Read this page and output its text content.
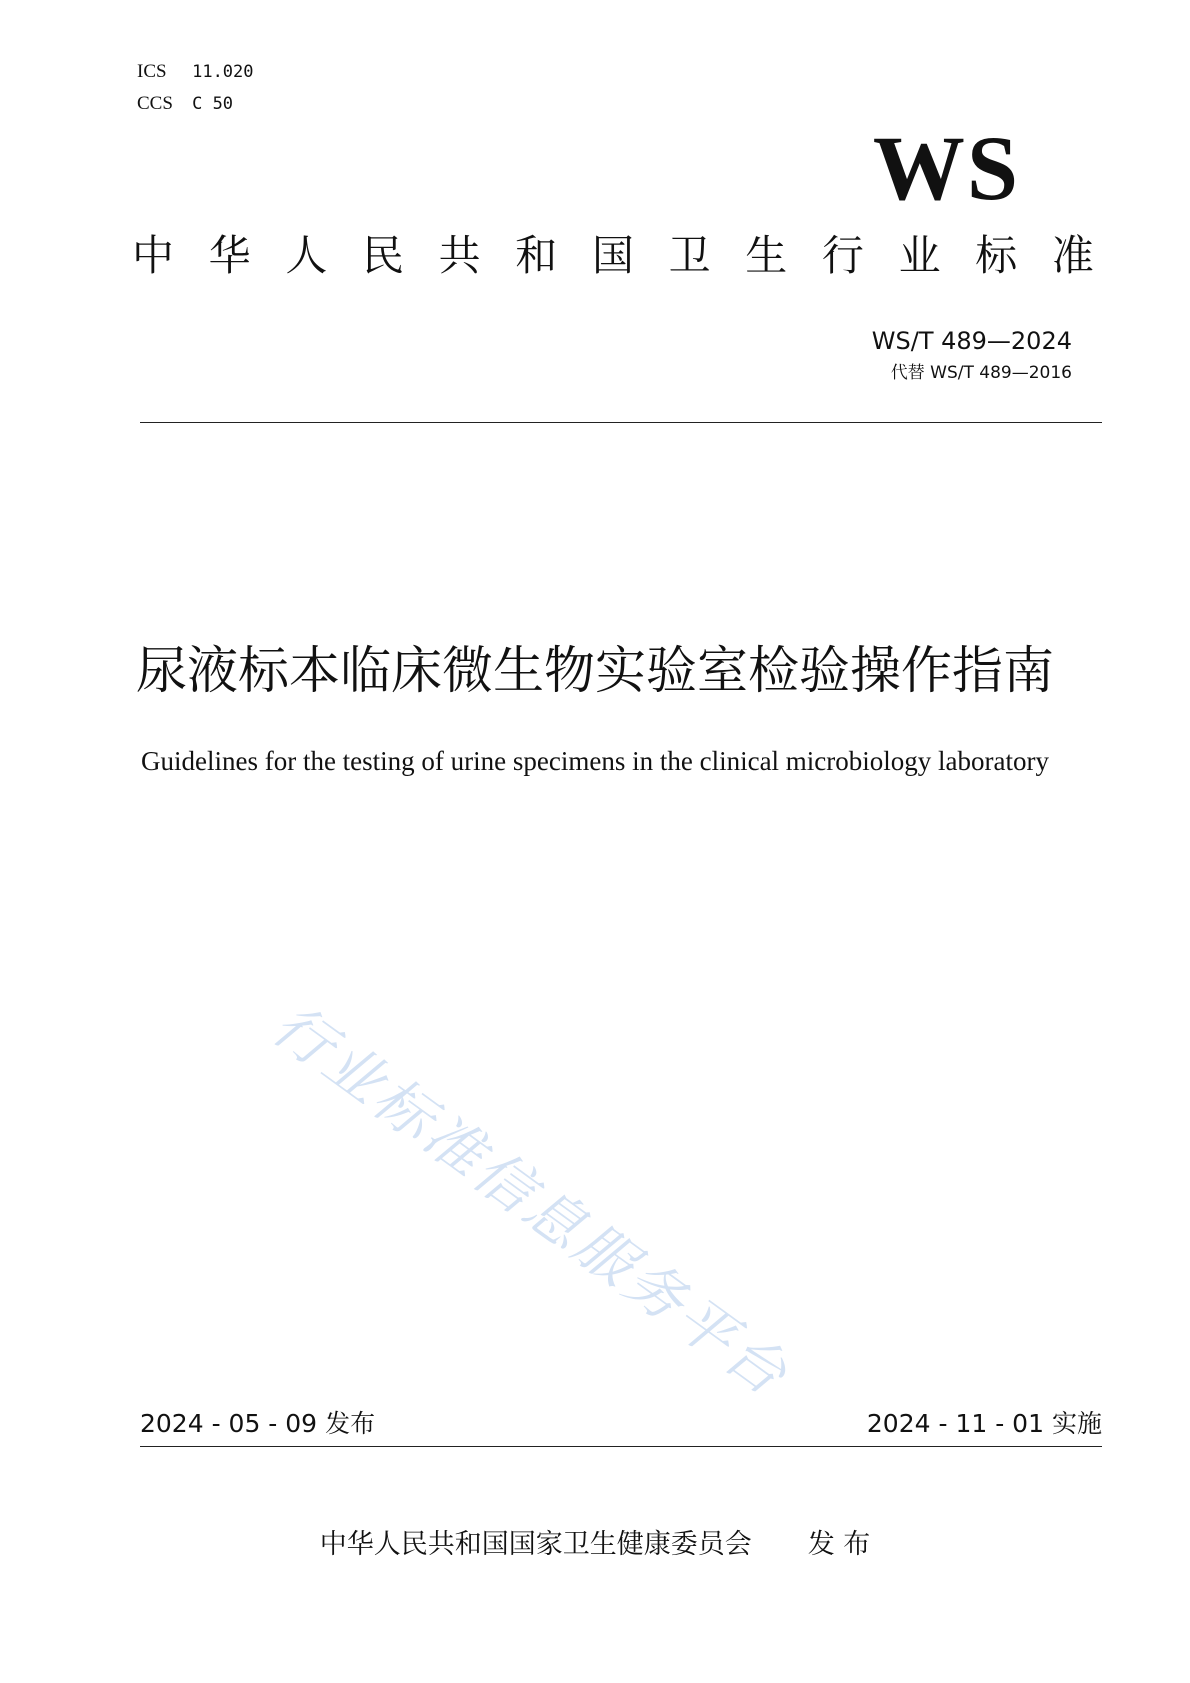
ICS 11.020
CCS C 50
WS
中 华 人 民 共 和 国 卫 生 行 业 标 准
WS/T 489—2024
代替 WS/T 489—2016
尿液标本临床微生物实验室检验操作指南
Guidelines for the testing of urine specimens in the clinical microbiology laboratory
行业标准信息服务平台
2024 - 05 - 09 发布	2024 - 11 - 01 实施
中华人民共和国国家卫生健康委员会 发 布
